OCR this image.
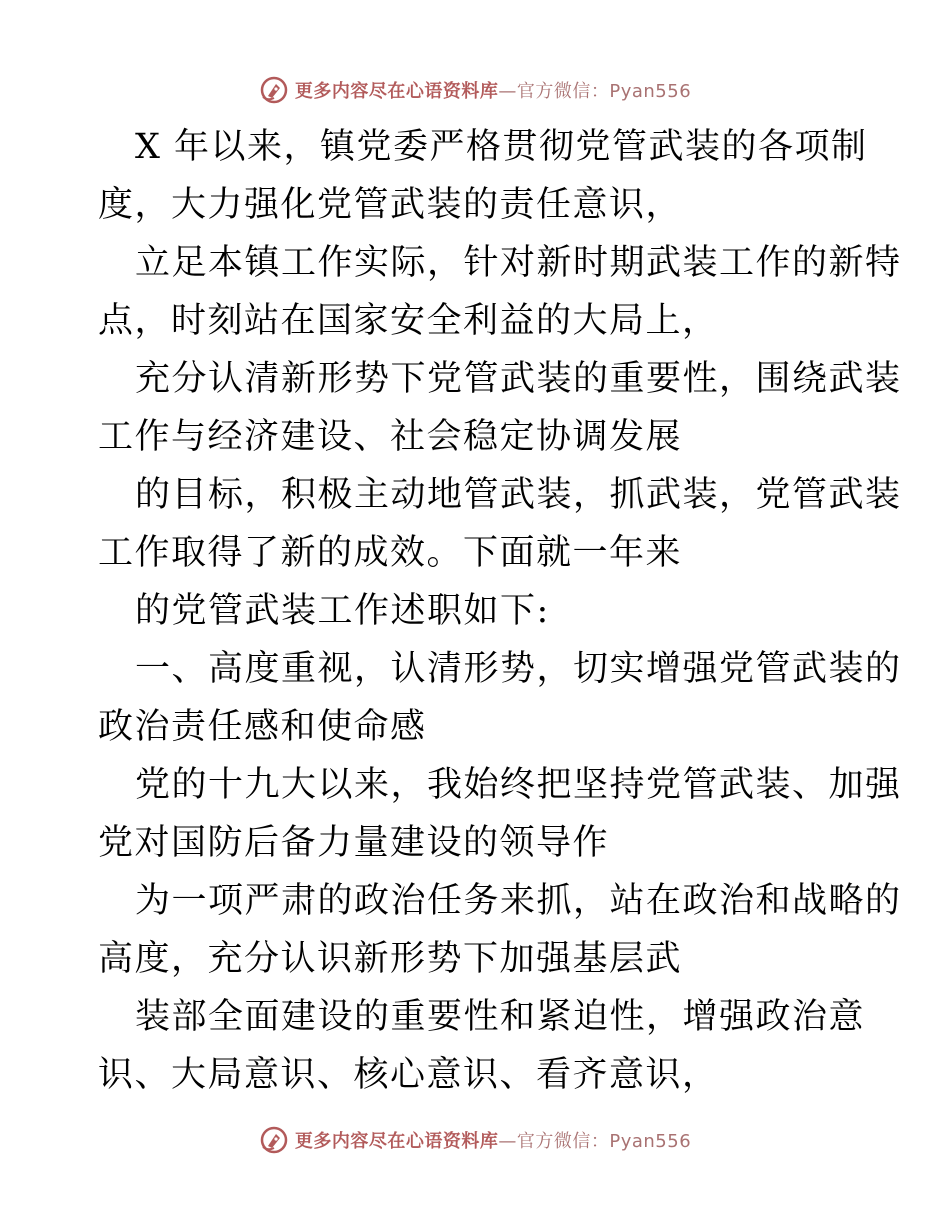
更多内容尽在心语资料库—官方微信：Pyan556
X 年以来，镇党委严格贯彻党管武装的各项制
度，大力强化党管武装的责任意识，
立足本镇工作实际，针对新时期武装工作的新特
点，时刻站在国家安全利益的大局上，
充分认清新形势下党管武装的重要性，围绕武装
工作与经济建设、社会稳定协调发展
的目标，积极主动地管武装，抓武装，党管武装
工作取得了新的成效。下面就一年来
的党管武装工作述职如下:
一、高度重视，认清形势，切实增强党管武装的
政治责任感和使命感
党的十九大以来，我始终把坚持党管武装、加强
党对国防后备力量建设的领导作
为一项严肃的政治任务来抓，站在政治和战略的
高度，充分认识新形势下加强基层武
装部全面建设的重要性和紧迫性，增强政治意
识、大局意识、核心意识、看齐意识，
更多内容尽在心语资料库—官方微信：Pyan556
